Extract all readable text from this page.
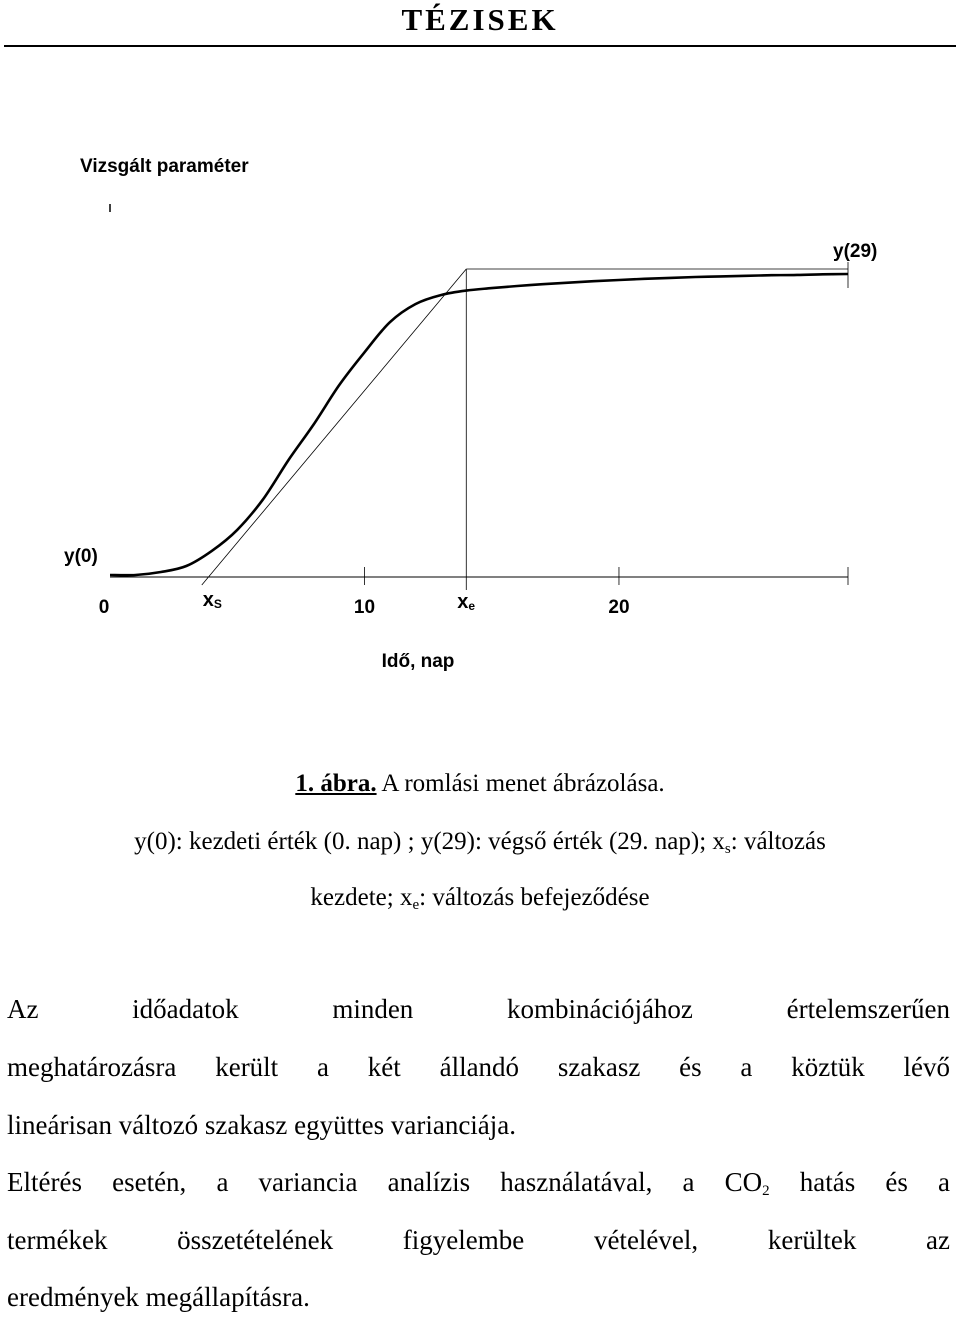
TÉZISEK
Vizsgált paraméter
0	10	20
y(0)
y(29)
xS	xe
Idő, nap
1. ábra. A romlási menet ábrázolása.
y(0): kezdeti érték (0. nap) ; y(29): végső érték (29. nap); $x_s$: változás
kezdete; $x_e$: változás befejeződése
Az időadatok minden kombinációjához értelemszerűen
meghatározásra került a két állandó szakasz és a köztük lévő
lineárisan változó szakasz együttes varianciája.
Eltérés esetén, a variancia analízis használatával, a $CO_2$ hatás és a
termékek összetételének figyelembe vételével, kerültek az
eredmények megállapításra.
